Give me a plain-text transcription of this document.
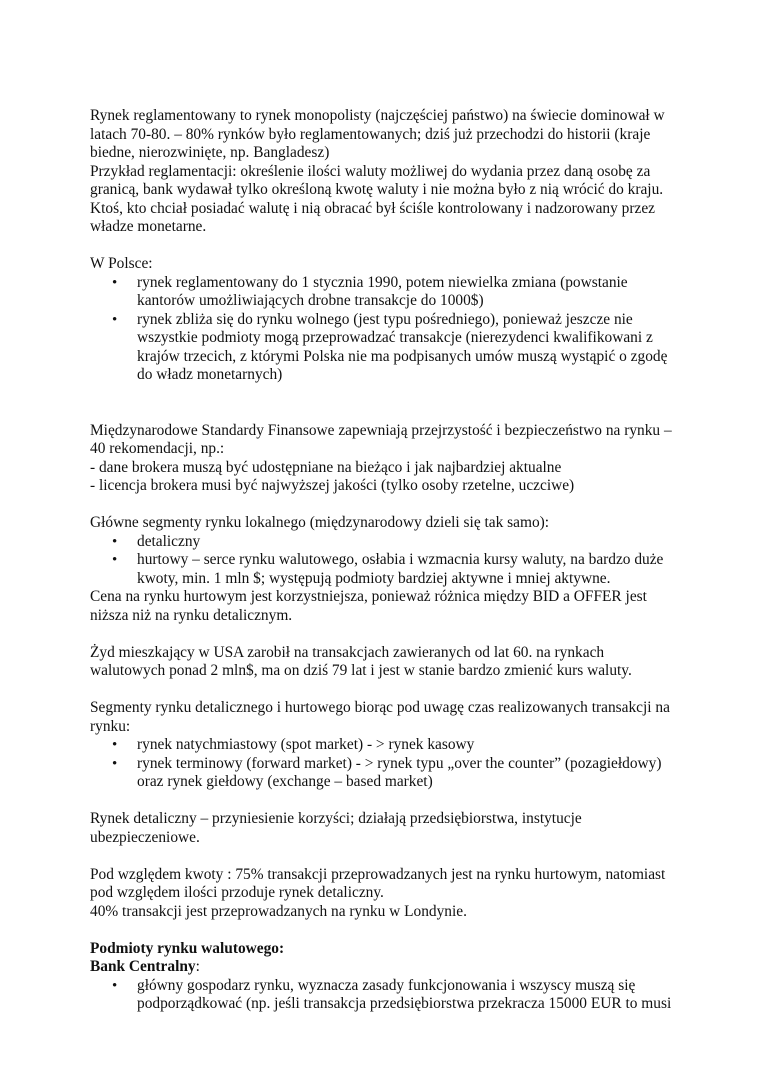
Rynek reglamentowany to rynek monopolisty (najczęściej państwo) na świecie dominował w latach 70-80. – 80% rynków było reglamentowanych; dziś już przechodzi do historii (kraje biedne, nierozwinięte, np. Bangladesz)

Przykład reglamentacji: określenie ilości waluty możliwej do wydania przez daną osobę za granicą, bank wydawał tylko określoną kwotę waluty i nie można było z nią wrócić do kraju. Ktoś, kto chciał posiadać walutę i nią obracać był ściśle kontrolowany i nadzorowany przez władze monetarne.

W Polsce:

• rynek reglamentowany do 1 stycznia 1990, potem niewielka zmiana (powstanie kantorów umożliwiających drobne transakcje do 1000$)
• rynek zbliża się do rynku wolnego (jest typu pośredniego), ponieważ jeszcze nie wszystkie podmioty mogą przeprowadzać transakcje (nierezydenci kwalifikowani z krajów trzecich, z którymi Polska nie ma podpisanych umów muszą wystąpić o zgodę do władz monetarnych)

Międzynarodowe Standardy Finansowe zapewniają przejrzystość i bezpieczeństwo na rynku – 40 rekomendacji, np.:

- dane brokera muszą być udostępniane na bieżąco i jak najbardziej aktualne

- licencja brokera musi być najwyższej jakości (tylko osoby rzetelne, uczciwe)

Główne segmenty rynku lokalnego (międzynarodowy dzieli się tak samo):

• detaliczny
• hurtowy – serce rynku walutowego, osłabia i wzmacnia kursy waluty, na bardzo duże kwoty, min. 1 mln $; występują podmioty bardziej aktywne i mniej aktywne.

Cena na rynku hurtowym jest korzystniejsza, ponieważ różnica między BID a OFFER jest niższa niż na rynku detalicznym.

Żyd mieszkający w USA zarobił na transakcjach zawieranych od lat 60. na rynkach walutowych ponad 2 mln$, ma on dziś 79 lat i jest w stanie bardzo zmienić kurs waluty.

Segmenty rynku detalicznego i hurtowego biorąc pod uwagę czas realizowanych transakcji na rynku:

• rynek natychmiastowy (spot market) - > rynek kasowy
• rynek terminowy (forward market) - > rynek typu „over the counter” (pozagiełdowy) oraz rynek giełdowy (exchange – based market)

Rynek detaliczny – przyniesienie korzyści; działają przedsiębiorstwa, instytucje ubezpieczeniowe.

Pod względem kwoty : 75% transakcji przeprowadzanych jest na rynku hurtowym, natomiast pod względem ilości przoduje rynek detaliczny.

40% transakcji jest przeprowadzanych na rynku w Londynie.

Podmioty rynku walutowego:

Bank Centralny:

• główny gospodarz rynku, wyznacza zasady funkcjonowania i wszyscy muszą się podporządkować (np. jeśli transakcja przedsiębiorstwa przekracza 15000 EUR to musi
